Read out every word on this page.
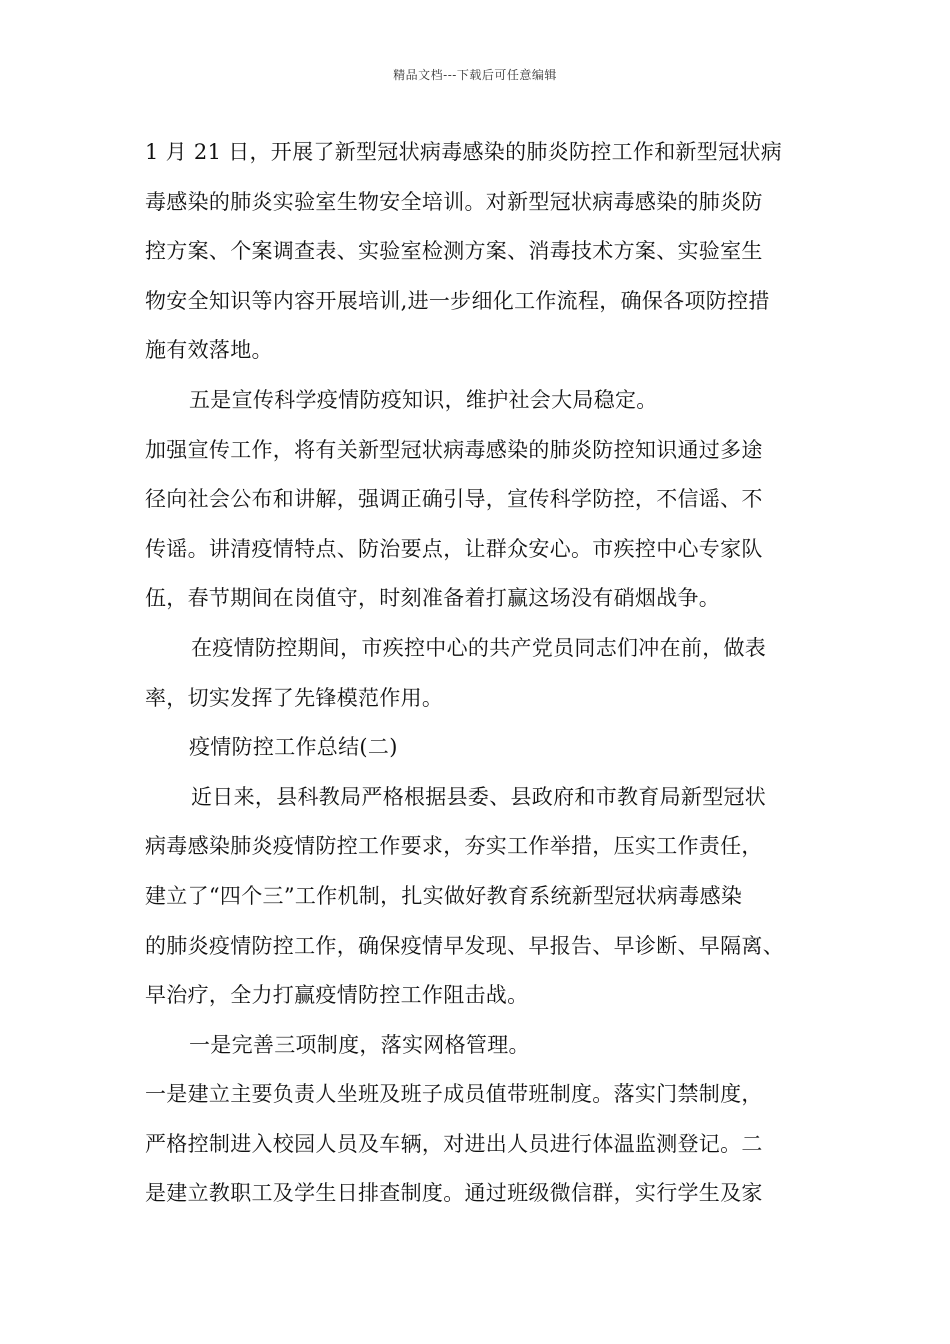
精品文档---下载后可任意编辑
1 月 21 日，开展了新型冠状病毒感染的肺炎防控工作和新型冠状病
毒感染的肺炎实验室生物安全培训。对新型冠状病毒感染的肺炎防
控方案、个案调查表、实验室检测方案、消毒技术方案、实验室生
物安全知识等内容开展培训,进一步细化工作流程，确保各项防控措
施有效落地。
五是宣传科学疫情防疫知识，维护社会大局稳定。
加强宣传工作，将有关新型冠状病毒感染的肺炎防控知识通过多途
径向社会公布和讲解，强调正确引导，宣传科学防控，不信谣、不
传谣。讲清疫情特点、防治要点，让群众安心。市疾控中心专家队
伍，春节期间在岗值守，时刻准备着打赢这场没有硝烟战争。
在疫情防控期间，市疾控中心的共产党员同志们冲在前，做表
率，切实发挥了先锋模范作用。
疫情防控工作总结(二)
近日来，县科教局严格根据县委、县政府和市教育局新型冠状
病毒感染肺炎疫情防控工作要求，夯实工作举措，压实工作责任，
建立了“四个三”工作机制，扎实做好教育系统新型冠状病毒感染
的肺炎疫情防控工作，确保疫情早发现、早报告、早诊断、早隔离、
早治疗，全力打赢疫情防控工作阻击战。
一是完善三项制度，落实网格管理。
一是建立主要负责人坐班及班子成员值带班制度。落实门禁制度，
严格控制进入校园人员及车辆，对进出人员进行体温监测登记。二
是建立教职工及学生日排查制度。通过班级微信群，实行学生及家
